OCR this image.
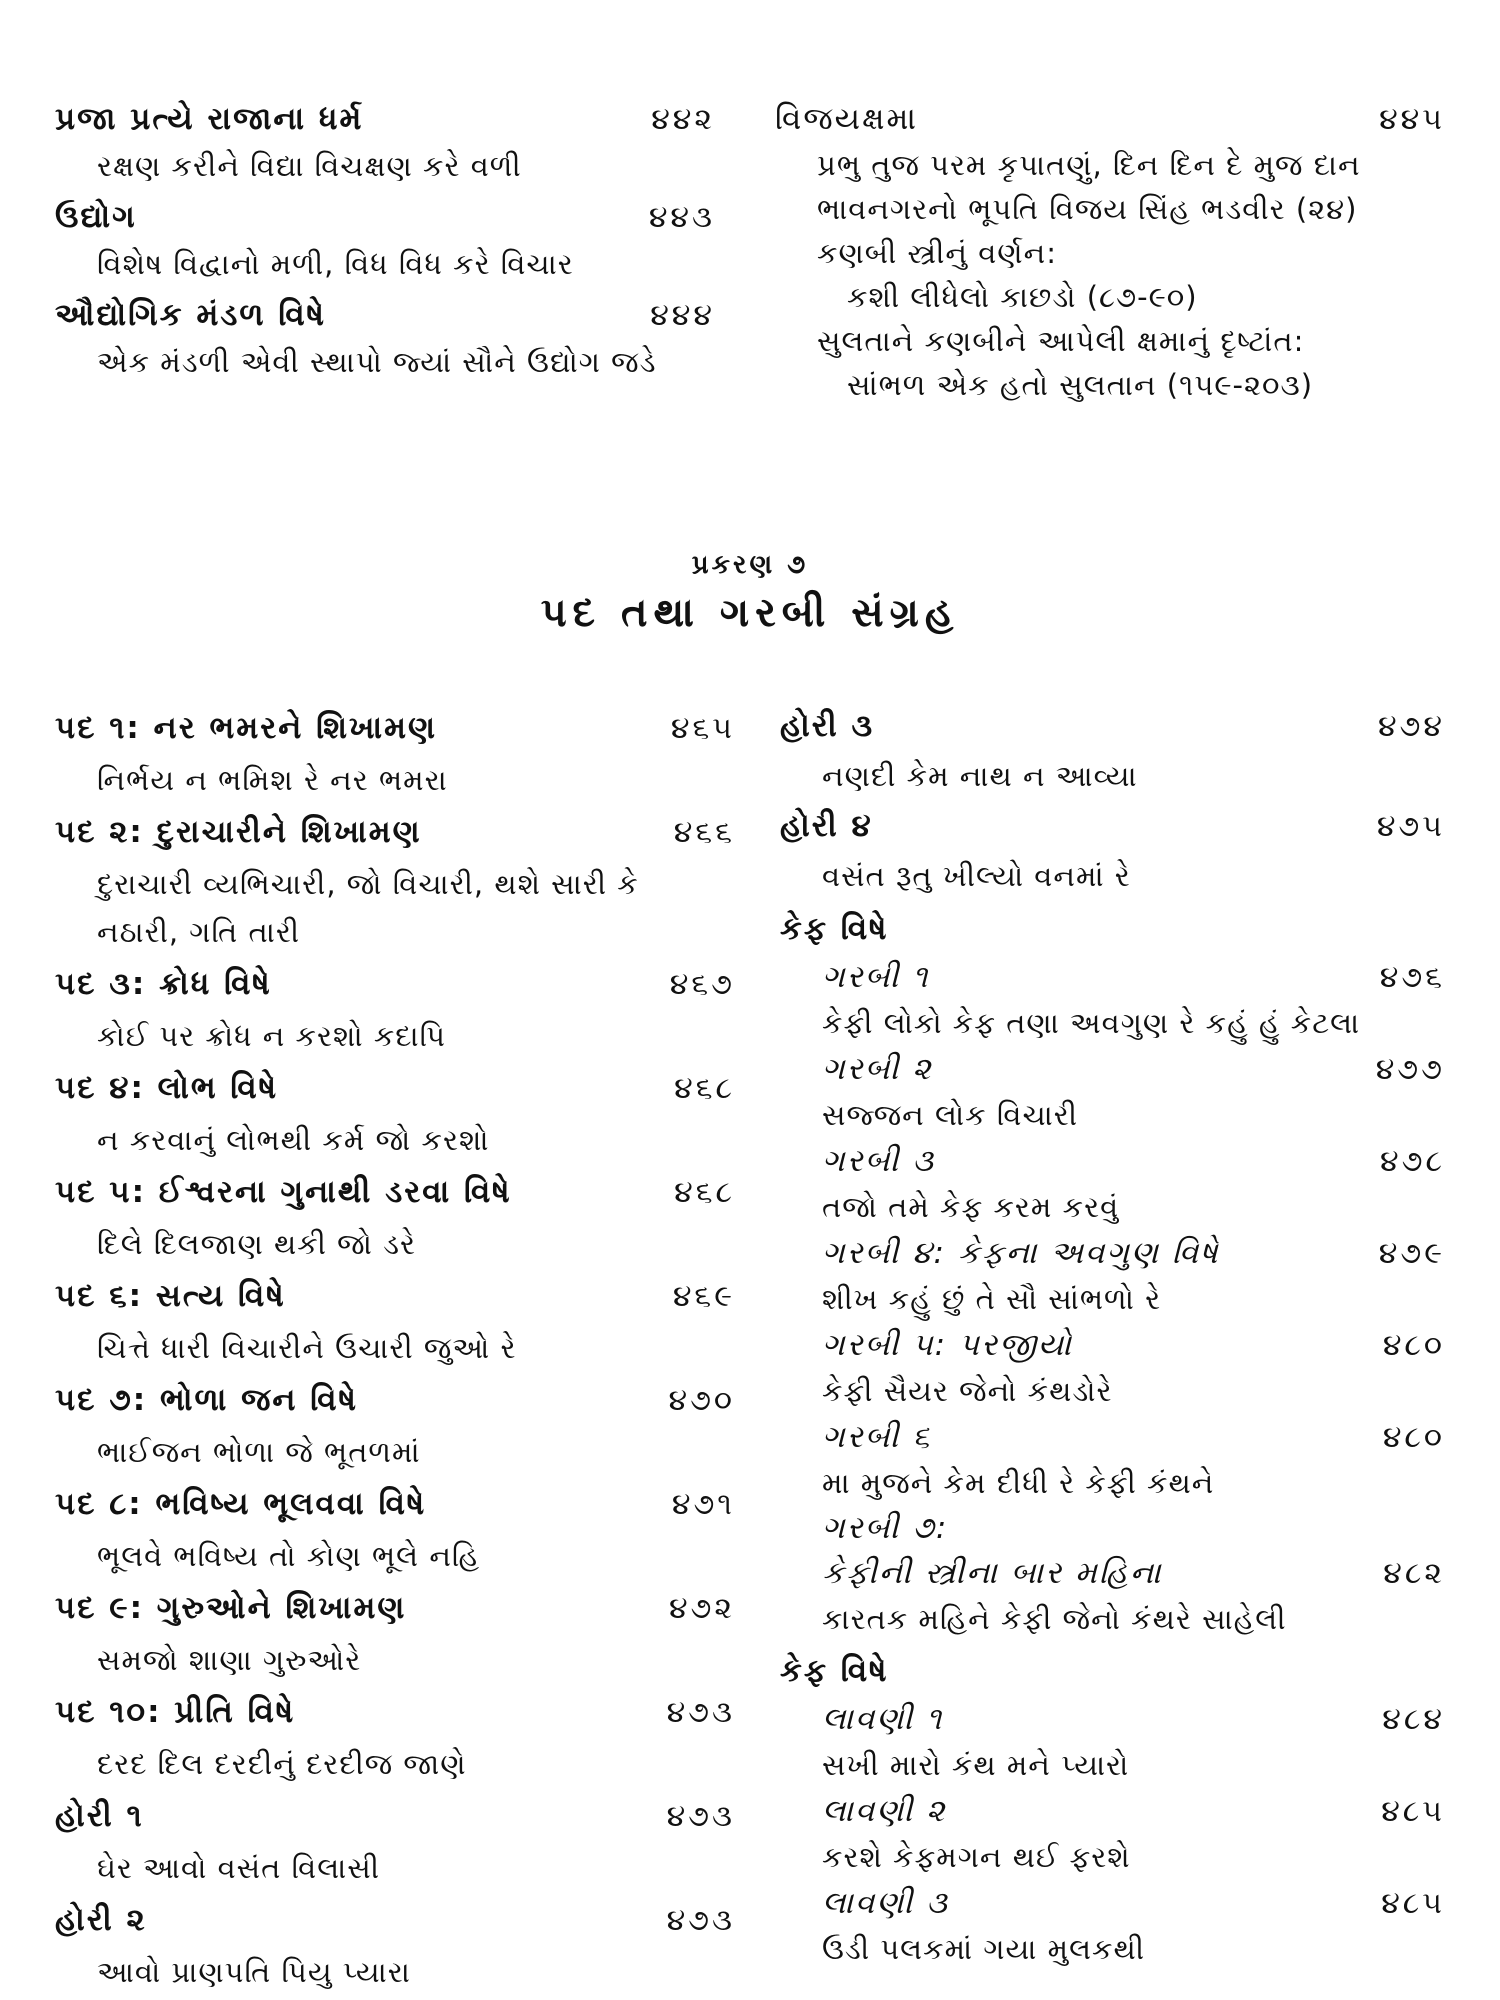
પ્રજા પ્રત્યે રાજાના ધર્મ	૪૪૨
રક્ષણ કરીને વિદ્યા વિચક્ષણ કરે વળી
ઉદ્યોગ	૪૪૩
વિશેષ વિદ્વાનો મળી, વિધ વિધ કરે વિચાર
ઔદ્યોગિક મંડળ વિષે	૪૪૪
એક મંડળી એવી સ્થાપો જ્યાં સૌને ઉદ્યોગ જડે
વિજયક્ષમા	૪૪૫
પ્રભુ તુજ પરમ કૃપાતણું, દિન દિન દે મુજ દાન
ભાવનગરનો ભૂપતિ વિજય સિંહ ભડવીર (૨૪)
કણબી સ્ત્રીનું વર્ણન:
કશી લીધેલો કાછડો (૮૭-૯૦)
સુલતાને કણબીને આપેલી ક્ષમાનું દૃષ્ટાંત:
સાંભળ એક હતો સુલતાન (૧૫૯-૨૦૩)
પ્રકરણ ૭
પદ તથા ગરબી સંગ્રહ
પદ ૧: નર ભમરને શિખામણ	૪૬૫
નિર્ભય ન ભમિશ રે નર ભમરા
પદ ૨: દુરાચારીને શિખામણ	૪૬૬
દુરાચારી વ્યભિચારી, જો વિચારી, થશે સારી કે
નઠારી, ગતિ તારી
પદ ૩: ક્રોધ વિષે	૪૬૭
કોઈ પર ક્રોધ ન કરશો કદાપિ
પદ ૪: લોભ વિષે	૪૬૮
ન કરવાનું લોભથી કર્મ જો કરશો
પદ ૫: ઈશ્વરના ગુનાથી ડરવા વિષે	૪૬૮
દિલે દિલજાણ થકી જો ડરે
પદ ૬: સત્ય વિષે	૪૬૯
ચિત્તે ધારી વિચારીને ઉચારી જુઓ રે
પદ ૭: ભોળા જન વિષે	૪૭૦
ભાઈજન ભોળા જે ભૂતળમાં
પદ ૮: ભવિષ્ય ભૂલવવા વિષે	૪૭૧
ભૂલવે ભવિષ્ય તો કોણ ભૂલે નહિ
પદ ૯: ગુરુઓને શિખામણ	૪૭૨
સમજો શાણા ગુરુઓરે
પદ ૧૦: પ્રીતિ વિષે	૪૭૩
દરદ દિલ દરદીનું દરદીજ જાણે
હોરી ૧	૪૭૩
ઘેર આવો વસંત વિલાસી
હોરી ૨	૪૭૩
આવો પ્રાણપતિ પિયુ પ્યારા
હોરી ૩	૪૭૪
નણદી કેમ નાથ ન આવ્યા
હોરી ૪	૪૭૫
વસંત રૂતુ ખીલ્યો વનમાં રે
કેફ વિષે
ગરબી ૧	૪૭૬
કેફી લોકો કેફ તણા અવગુણ રે કહું હું કેટલા
ગરબી ૨	૪૭૭
સજ્જન લોક વિચારી
ગરબી ૩	૪૭૮
તજો તમે કેફ કરમ કરવું
ગરબી ૪: કેફના અવગુણ વિષે	૪૭૯
શીખ કહું છું તે સૌ સાંભળો રે
ગરબી ૫: પરજીયો	૪૮૦
કેફી સૈયર જેનો કંથડોરે
ગરબી ૬	૪૮૦
મા મુજને કેમ દીધી રે કેફી કંથને
ગરબી ૭:
કેફીની સ્ત્રીના બાર મહિના	૪૮૨
કારતક મહિને કેફી જેનો કંથરે સાહેલી
કેફ વિષે
લાવણી ૧	૪૮૪
સખી મારો કંથ મને પ્યારો
લાવણી ૨	૪૮૫
કરશે કેફમગન થઈ ફરશે
લાવણી ૩	૪૮૫
ઉડી પલકમાં ગયા મુલકથી
